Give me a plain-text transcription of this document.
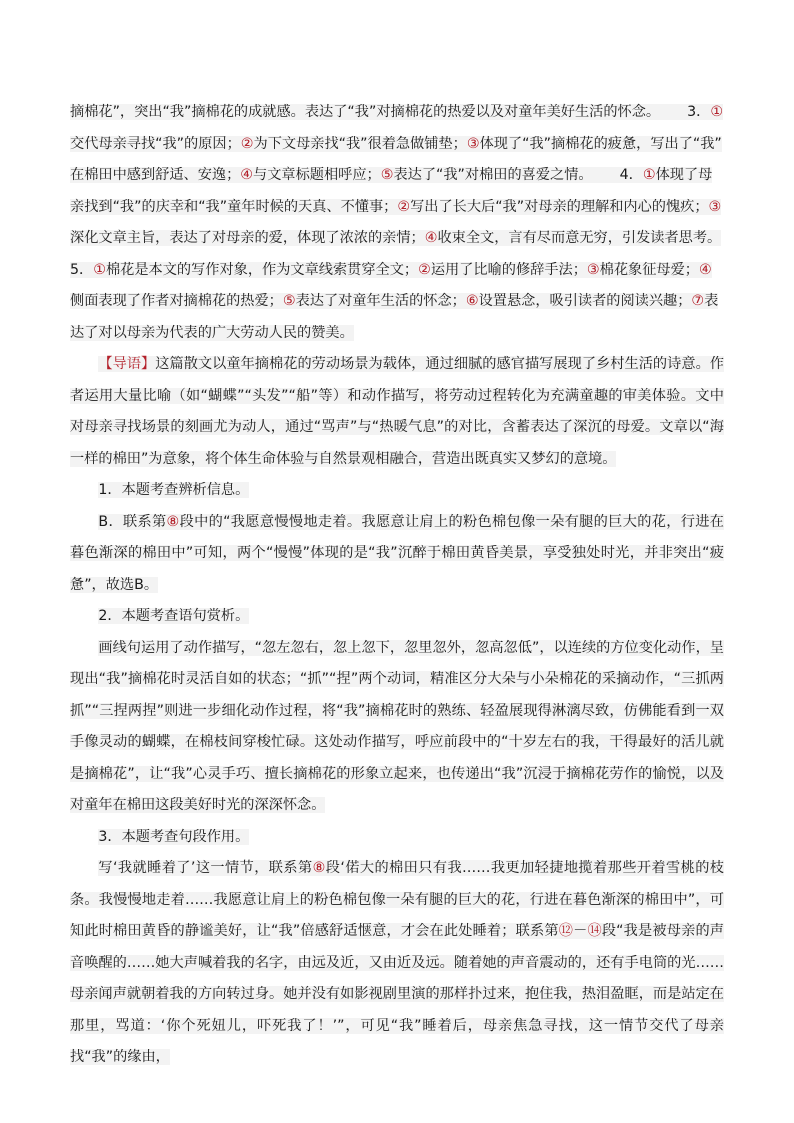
摘棉花”，突出“我”摘棉花的成就感。表达了“我”对摘棉花的热爱以及对童年美好生活的怀念。 3．①
交代母亲寻找“我”的原因；②为下文母亲找“我”很着急做铺垫；③体现了“我”摘棉花的疲惫，写出了“我”
在棉田中感到舒适、安逸；④与文章标题相呼应；⑤表达了“我”对棉田的喜爱之情。 4．①体现了母
亲找到“我”的庆幸和“我”童年时候的天真、不懂事；②写出了长大后“我”对母亲的理解和内心的愧疚；③
深化文章主旨，表达了对母亲的爱，体现了浓浓的亲情；④收束全文，言有尽而意无穷，引发读者思考。
5．①棉花是本文的写作对象，作为文章线索贯穿全文；②运用了比喻的修辞手法；③棉花象征母爱；④
侧面表现了作者对摘棉花的热爱；⑤表达了对童年生活的怀念；⑥设置悬念，吸引读者的阅读兴趣；⑦表
达了对以母亲为代表的广大劳动人民的赞美。

【导语】这篇散文以童年摘棉花的劳动场景为载体，通过细腻的感官描写展现了乡村生活的诗意。作者运用大量比喻（如“蝴蝶”“头发”“船”等）和动作描写，将劳动过程转化为充满童趣的审美体验。文中对母亲寻找场景的刻画尤为动人，通过“骂声”与“热暖气息”的对比，含蓄表达了深沉的母爱。文章以“海一样的棉田”为意象，将个体生命体验与自然景观相融合，营造出既真实又梦幻的意境。

1．本题考查辨析信息。

B．联系第⑧段中的“我愿意慢慢地走着。我愿意让肩上的粉色棉包像一朵有腿的巨大的花，行进在暮色渐深的棉田中”可知，两个“慢慢”体现的是“我”沉醉于棉田黄昏美景，享受独处时光，并非突出“疲惫”，故选B。

2．本题考查语句赏析。

画线句运用了动作描写，“忽左忽右，忽上忽下，忽里忽外，忽高忽低”，以连续的方位变化动作，呈现出“我”摘棉花时灵活自如的状态；“抓”“捏”两个动词，精准区分大朵与小朵棉花的采摘动作，“三抓两抓”“三捏两捏”则进一步细化动作过程，将“我”摘棉花时的熟练、轻盈展现得淋漓尽致，仿佛能看到一双手像灵动的蝴蝶，在棉枝间穿梭忙碌。这处动作描写，呼应前段中的“十岁左右的我，干得最好的活儿就是摘棉花”，让“我”心灵手巧、擅长摘棉花的形象立起来，也传递出“我”沉浸于摘棉花劳作的愉悦，以及对童年在棉田这段美好时光的深深怀念。

3．本题考查句段作用。

写‘我就睡着了’这一情节，联系第⑧段‘偌大的棉田只有我……我更加轻捷地揽着那些开着雪桃的枝条。我慢慢地走着……我愿意让肩上的粉色棉包像一朵有腿的巨大的花，行进在暮色渐深的棉田中”，可知此时棉田黄昏的静谧美好，让“我”倍感舒适惬意，才会在此处睡着；联系第⑫－⑭段“我是被母亲的声音唤醒的……她大声喊着我的名字，由远及近，又由近及远。随着她的声音震动的，还有手电筒的光……母亲闻声就朝着我的方向转过身。她并没有如影视剧里演的那样扑过来，抱住我，热泪盈眶，而是站定在那里，骂道：‘你个死妞儿，吓死我了！’”，可见“我”睡着后，母亲焦急寻找，这一情节交代了母亲找“我”的缘由，
